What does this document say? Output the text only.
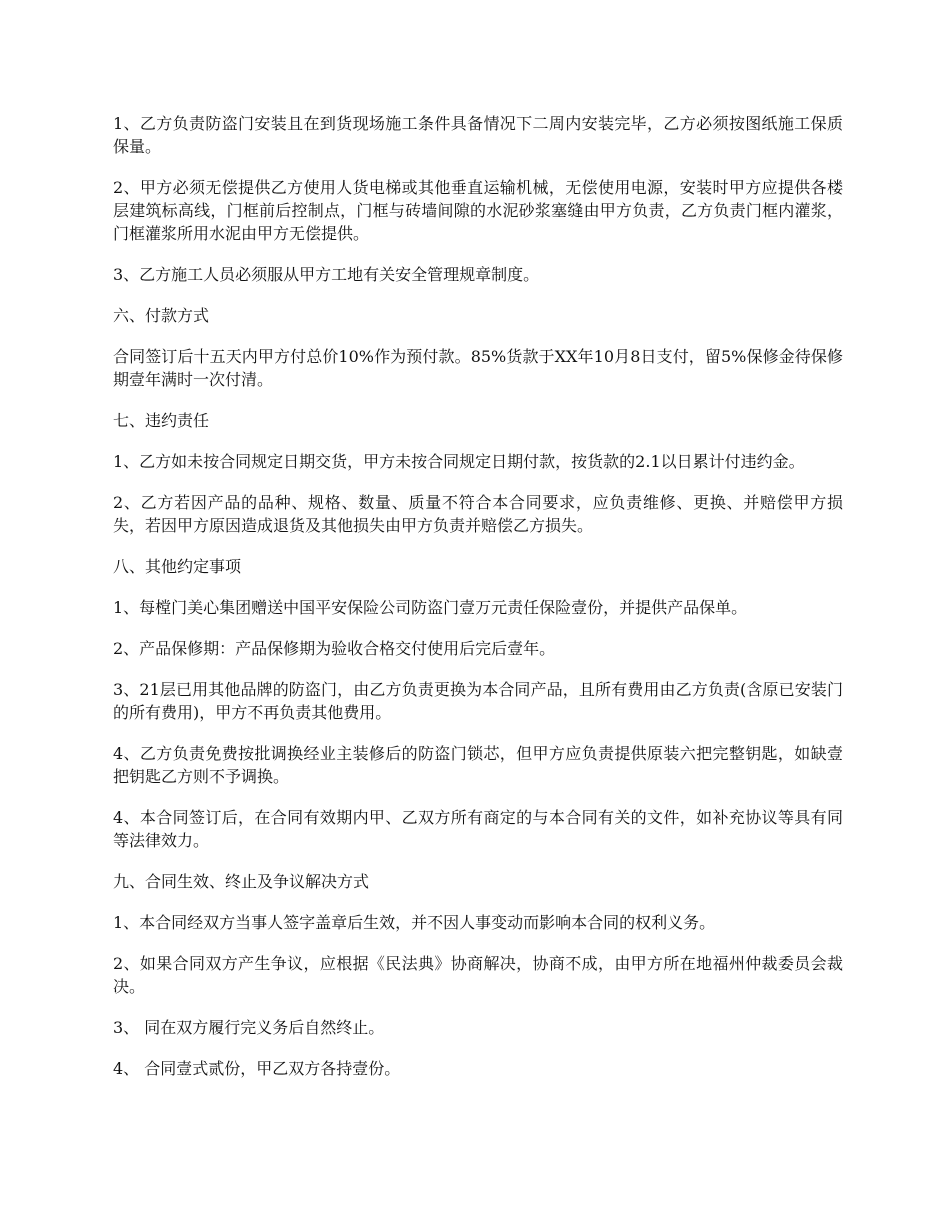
1、乙方负责防盗门安装且在到货现场施工条件具备情况下二周内安装完毕，乙方必须按图纸施工保质保量。

2、甲方必须无偿提供乙方使用人货电梯或其他垂直运输机械，无偿使用电源，安装时甲方应提供各楼层建筑标高线，门框前后控制点，门框与砖墙间隙的水泥砂浆塞缝由甲方负责，乙方负责门框内灌浆，门框灌浆所用水泥由甲方无偿提供。

3、乙方施工人员必须服从甲方工地有关安全管理规章制度。

六、付款方式

合同签订后十五天内甲方付总价10%作为预付款。85%货款于XX年10月8日支付，留5%保修金待保修期壹年满时一次付清。

七、违约责任

1、乙方如未按合同规定日期交货，甲方未按合同规定日期付款，按货款的2.1以日累计付违约金。

2、乙方若因产品的品种、规格、数量、质量不符合本合同要求，应负责维修、更换、并赔偿甲方损失，若因甲方原因造成退货及其他损失由甲方负责并赔偿乙方损失。

八、其他约定事项

1、每樘门美心集团赠送中国平安保险公司防盗门壹万元责任保险壹份，并提供产品保单。

2、产品保修期：产品保修期为验收合格交付使用后完后壹年。

3、21层已用其他品牌的防盗门，由乙方负责更换为本合同产品，且所有费用由乙方负责(含原已安装门的所有费用)，甲方不再负责其他费用。

4、乙方负责免费按批调换经业主装修后的防盗门锁芯，但甲方应负责提供原装六把完整钥匙，如缺壹把钥匙乙方则不予调换。

4、本合同签订后，在合同有效期内甲、乙双方所有商定的与本合同有关的文件，如补充协议等具有同等法律效力。

九、合同生效、终止及争议解决方式

1、本合同经双方当事人签字盖章后生效，并不因人事变动而影响本合同的权利义务。

2、如果合同双方产生争议，应根据《民法典》协商解决，协商不成，由甲方所在地福州仲裁委员会裁决。

3、 同在双方履行完义务后自然终止。

4、 合同壹式贰份，甲乙双方各持壹份。
